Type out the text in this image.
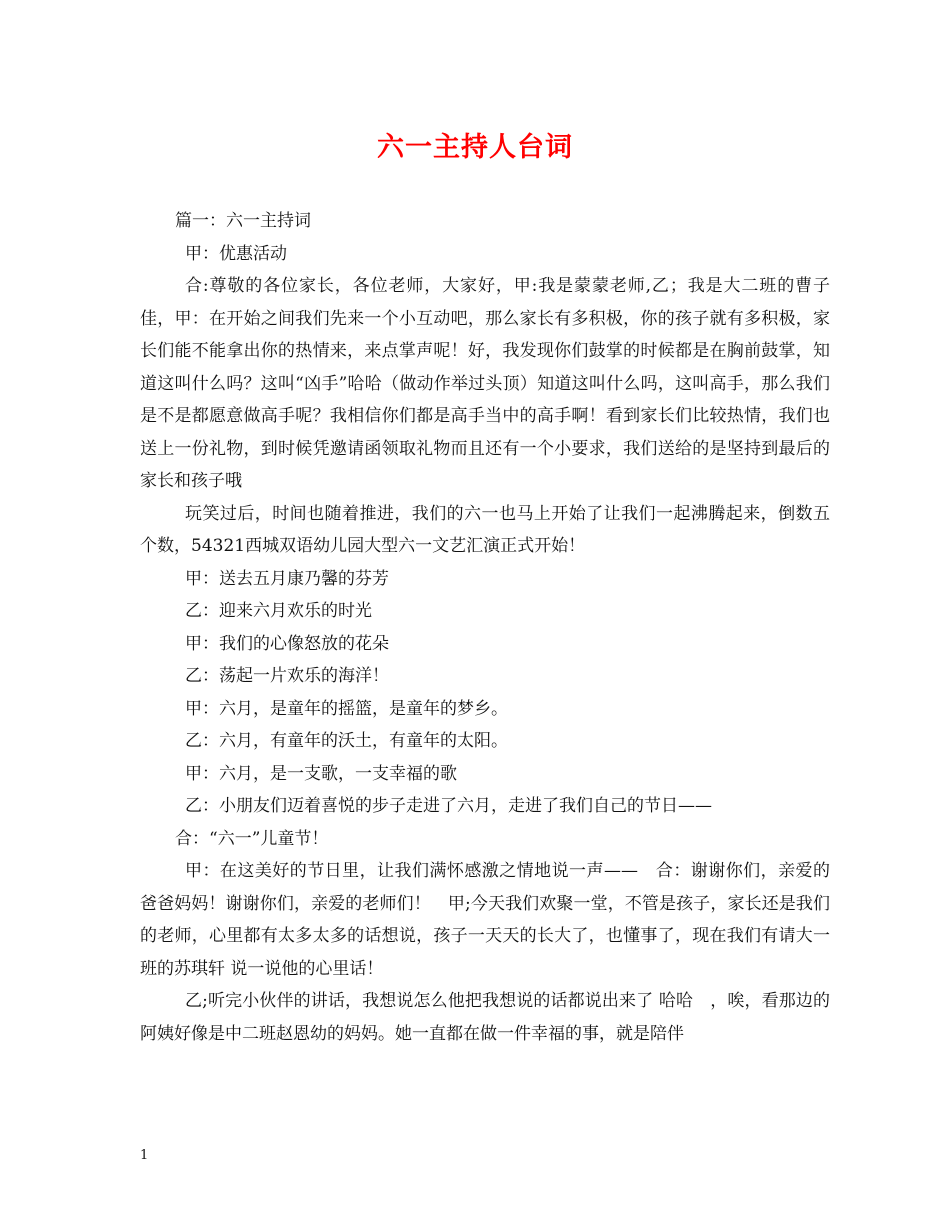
六一主持人台词

篇一：六一主持词

甲：优惠活动

合:尊敬的各位家长，各位老师，大家好，甲:我是蒙蒙老师,乙；我是大二班的曹子佳，甲：在开始之间我们先来一个小互动吧，那么家长有多积极，你的孩子就有多积极，家长们能不能拿出你的热情来，来点掌声呢！好，我发现你们鼓掌的时候都是在胸前鼓掌，知道这叫什么吗？这叫“凶手”哈哈（做动作举过头顶）知道这叫什么吗，这叫高手，那么我们是不是都愿意做高手呢？我相信你们都是高手当中的高手啊！看到家长们比较热情，我们也送上一份礼物，到时候凭邀请函领取礼物而且还有一个小要求，我们送给的是坚持到最后的家长和孩子哦

玩笑过后，时间也随着推进，我们的六一也马上开始了让我们一起沸腾起来，倒数五个数，54321西城双语幼儿园大型六一文艺汇演正式开始！

甲：送去五月康乃馨的芬芳

乙：迎来六月欢乐的时光

甲：我们的心像怒放的花朵

乙：荡起一片欢乐的海洋！

甲：六月，是童年的摇篮，是童年的梦乡。

乙：六月，有童年的沃土，有童年的太阳。

甲：六月，是一支歌，一支幸福的歌

乙：小朋友们迈着喜悦的步子走进了六月，走进了我们自己的节日——

合：“六一”儿童节！

甲：在这美好的节日里，让我们满怀感激之情地说一声——　合：谢谢你们，亲爱的爸爸妈妈！谢谢你们，亲爱的老师们！　甲;今天我们欢聚一堂，不管是孩子，家长还是我们的老师，心里都有太多太多的话想说，孩子一天天的长大了，也懂事了，现在我们有请大一班的苏琪轩 说一说他的心里话！

乙;听完小伙伴的讲话，我想说怎么他把我想说的话都说出来了 哈哈　，唉，看那边的阿姨好像是中二班赵恩幼的妈妈。她一直都在做一件幸福的事，就是陪伴

1
